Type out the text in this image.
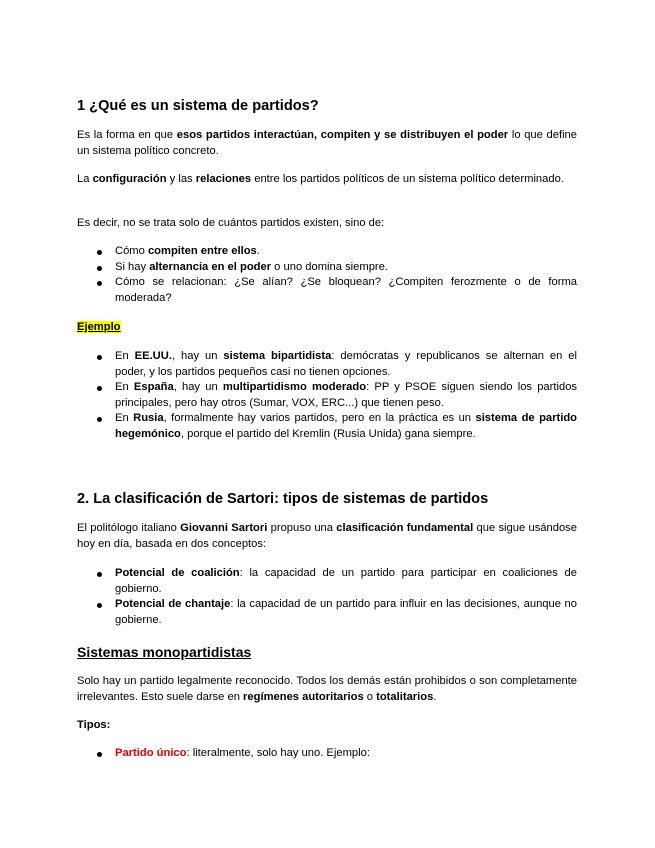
1 ¿Qué es un sistema de partidos?

Es la forma en que esos partidos interactúan, compiten y se distribuyen el poder lo que define un sistema político concreto.

La configuración y las relaciones entre los partidos políticos de un sistema político determinado.

Es decir, no se trata solo de cuántos partidos existen, sino de:

Cómo compiten entre ellos.
Si hay alternancia en el poder o uno domina siempre.
Cómo se relacionan: ¿Se alían? ¿Se bloquean? ¿Compiten ferozmente o de forma moderada?

Ejemplo

En EE.UU., hay un sistema bipartidista: demócratas y republicanos se alternan en el poder, y los partidos pequeños casi no tienen opciones.
En España, hay un multipartidismo moderado: PP y PSOE siguen siendo los partidos principales, pero hay otros (Sumar, VOX, ERC...) que tienen peso.
En Rusia, formalmente hay varios partidos, pero en la práctica es un sistema de partido hegemónico, porque el partido del Kremlin (Rusia Unida) gana siempre.
2. La clasificación de Sartori: tipos de sistemas de partidos

El politólogo italiano Giovanni Sartori propuso una clasificación fundamental que sigue usándose hoy en día, basada en dos conceptos:

Potencial de coalición: la capacidad de un partido para participar en coaliciones de gobierno.
Potencial de chantaje: la capacidad de un partido para influir en las decisiones, aunque no gobierne.
Sistemas monopartidistas

Solo hay un partido legalmente reconocido. Todos los demás están prohibidos o son completamente irrelevantes. Esto suele darse en regímenes autoritarios o totalitarios.

Tipos:

Partido único: literalmente, solo hay uno. Ejemplo:
